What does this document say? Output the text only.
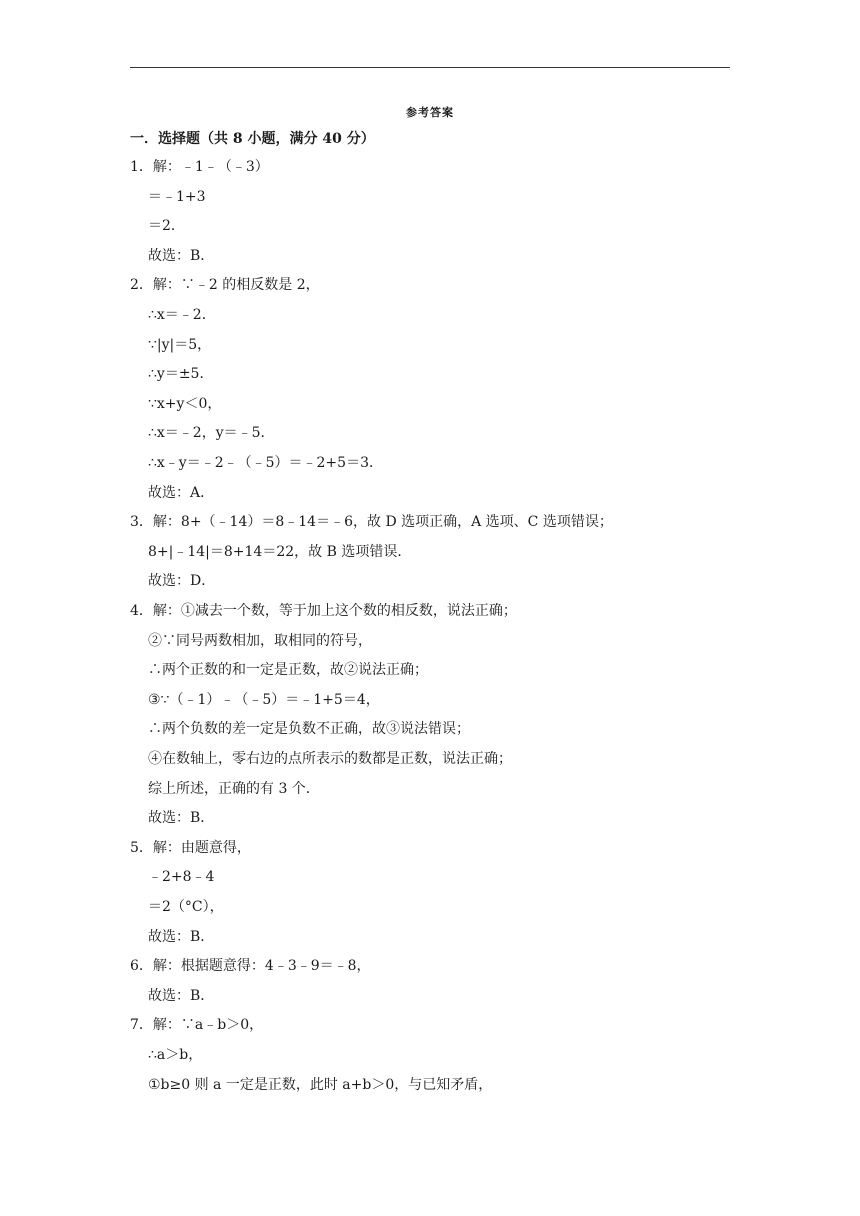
参考答案
一．选择题（共 8 小题，满分 40 分）
1．解：﹣1﹣（﹣3）
＝﹣1+3
＝2．
故选：B．
2．解：∵﹣2 的相反数是 2，
∴x＝﹣2．
∵|y|＝5，
∴y＝±5．
∵x+y＜0，
∴x＝﹣2，y＝﹣5．
∴x﹣y＝﹣2﹣（﹣5）＝﹣2+5＝3．
故选：A．
3．解：8+（﹣14）＝8﹣14＝﹣6，故 D 选项正确，A 选项、C 选项错误；
8+|﹣14|＝8+14＝22，故 B 选项错误．
故选：D．
4．解：①减去一个数，等于加上这个数的相反数，说法正确；
②∵同号两数相加，取相同的符号，
∴两个正数的和一定是正数，故②说法正确；
③∵（﹣1）﹣（﹣5）＝﹣1+5＝4，
∴两个负数的差一定是负数不正确，故③说法错误；
④在数轴上，零右边的点所表示的数都是正数，说法正确；
综上所述，正确的有 3 个．
故选：B．
5．解：由题意得，
﹣2+8﹣4
＝2（°C），
故选：B．
6．解：根据题意得：4﹣3﹣9＝﹣8，
故选：B．
7．解：∵a﹣b＞0，
∴a＞b，
①b≥0 则 a 一定是正数，此时 a+b＞0，与已知矛盾，
